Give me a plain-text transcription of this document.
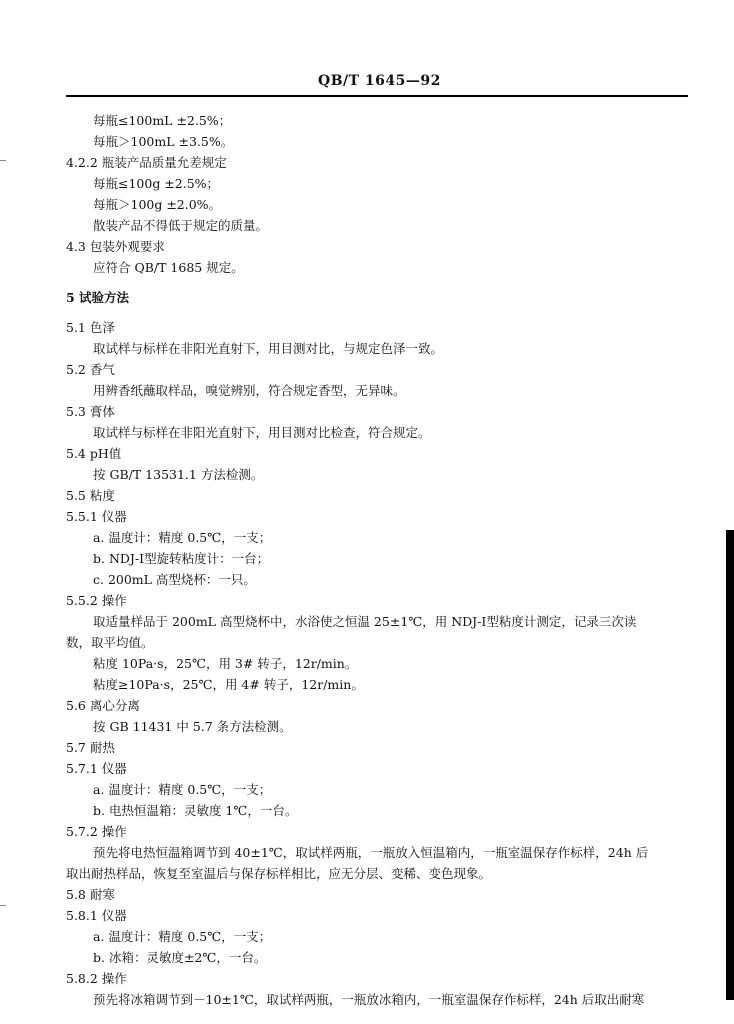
QB/T 1645—92
每瓶≤100mL ±2.5%；
每瓶＞100mL ±3.5%。
4.2.2 瓶装产品质量允差规定
每瓶≤100g ±2.5%；
每瓶＞100g ±2.0%。
散装产品不得低于规定的质量。
4.3 包装外观要求
应符合 QB/T 1685 规定。
5 试验方法
5.1 色泽
取试样与标样在非阳光直射下，用目测对比，与规定色泽一致。
5.2 香气
用辨香纸蘸取样品，嗅觉辨别，符合规定香型，无异味。
5.3 膏体
取试样与标样在非阳光直射下，用目测对比检查，符合规定。
5.4 pH值
按 GB/T 13531.1 方法检测。
5.5 粘度
5.5.1 仪器
a. 温度计：精度 0.5℃，一支；
b. NDJ-Ⅰ型旋转粘度计：一台；
c. 200mL 高型烧杯：一只。
5.5.2 操作
取适量样品于 200mL 高型烧杯中，水浴使之恒温 25±1℃，用 NDJ-Ⅰ型粘度计测定，记录三次读
数，取平均值。
粘度 10Pa·s，25℃，用 3# 转子，12r/min。
粘度≥10Pa·s，25℃，用 4# 转子，12r/min。
5.6 离心分离
按 GB 11431 中 5.7 条方法检测。
5.7 耐热
5.7.1 仪器
a. 温度计：精度 0.5℃，一支；
b. 电热恒温箱：灵敏度 1℃，一台。
5.7.2 操作
预先将电热恒温箱调节到 40±1℃，取试样两瓶，一瓶放入恒温箱内，一瓶室温保存作标样，24h 后
取出耐热样品，恢复至室温后与保存标样相比，应无分层、变稀、变色现象。
5.8 耐寒
5.8.1 仪器
a. 温度计：精度 0.5℃，一支；
b. 冰箱：灵敏度±2℃，一台。
5.8.2 操作
预先将冰箱调节到－10±1℃，取试样两瓶，一瓶放冰箱内，一瓶室温保存作标样，24h 后取出耐寒
